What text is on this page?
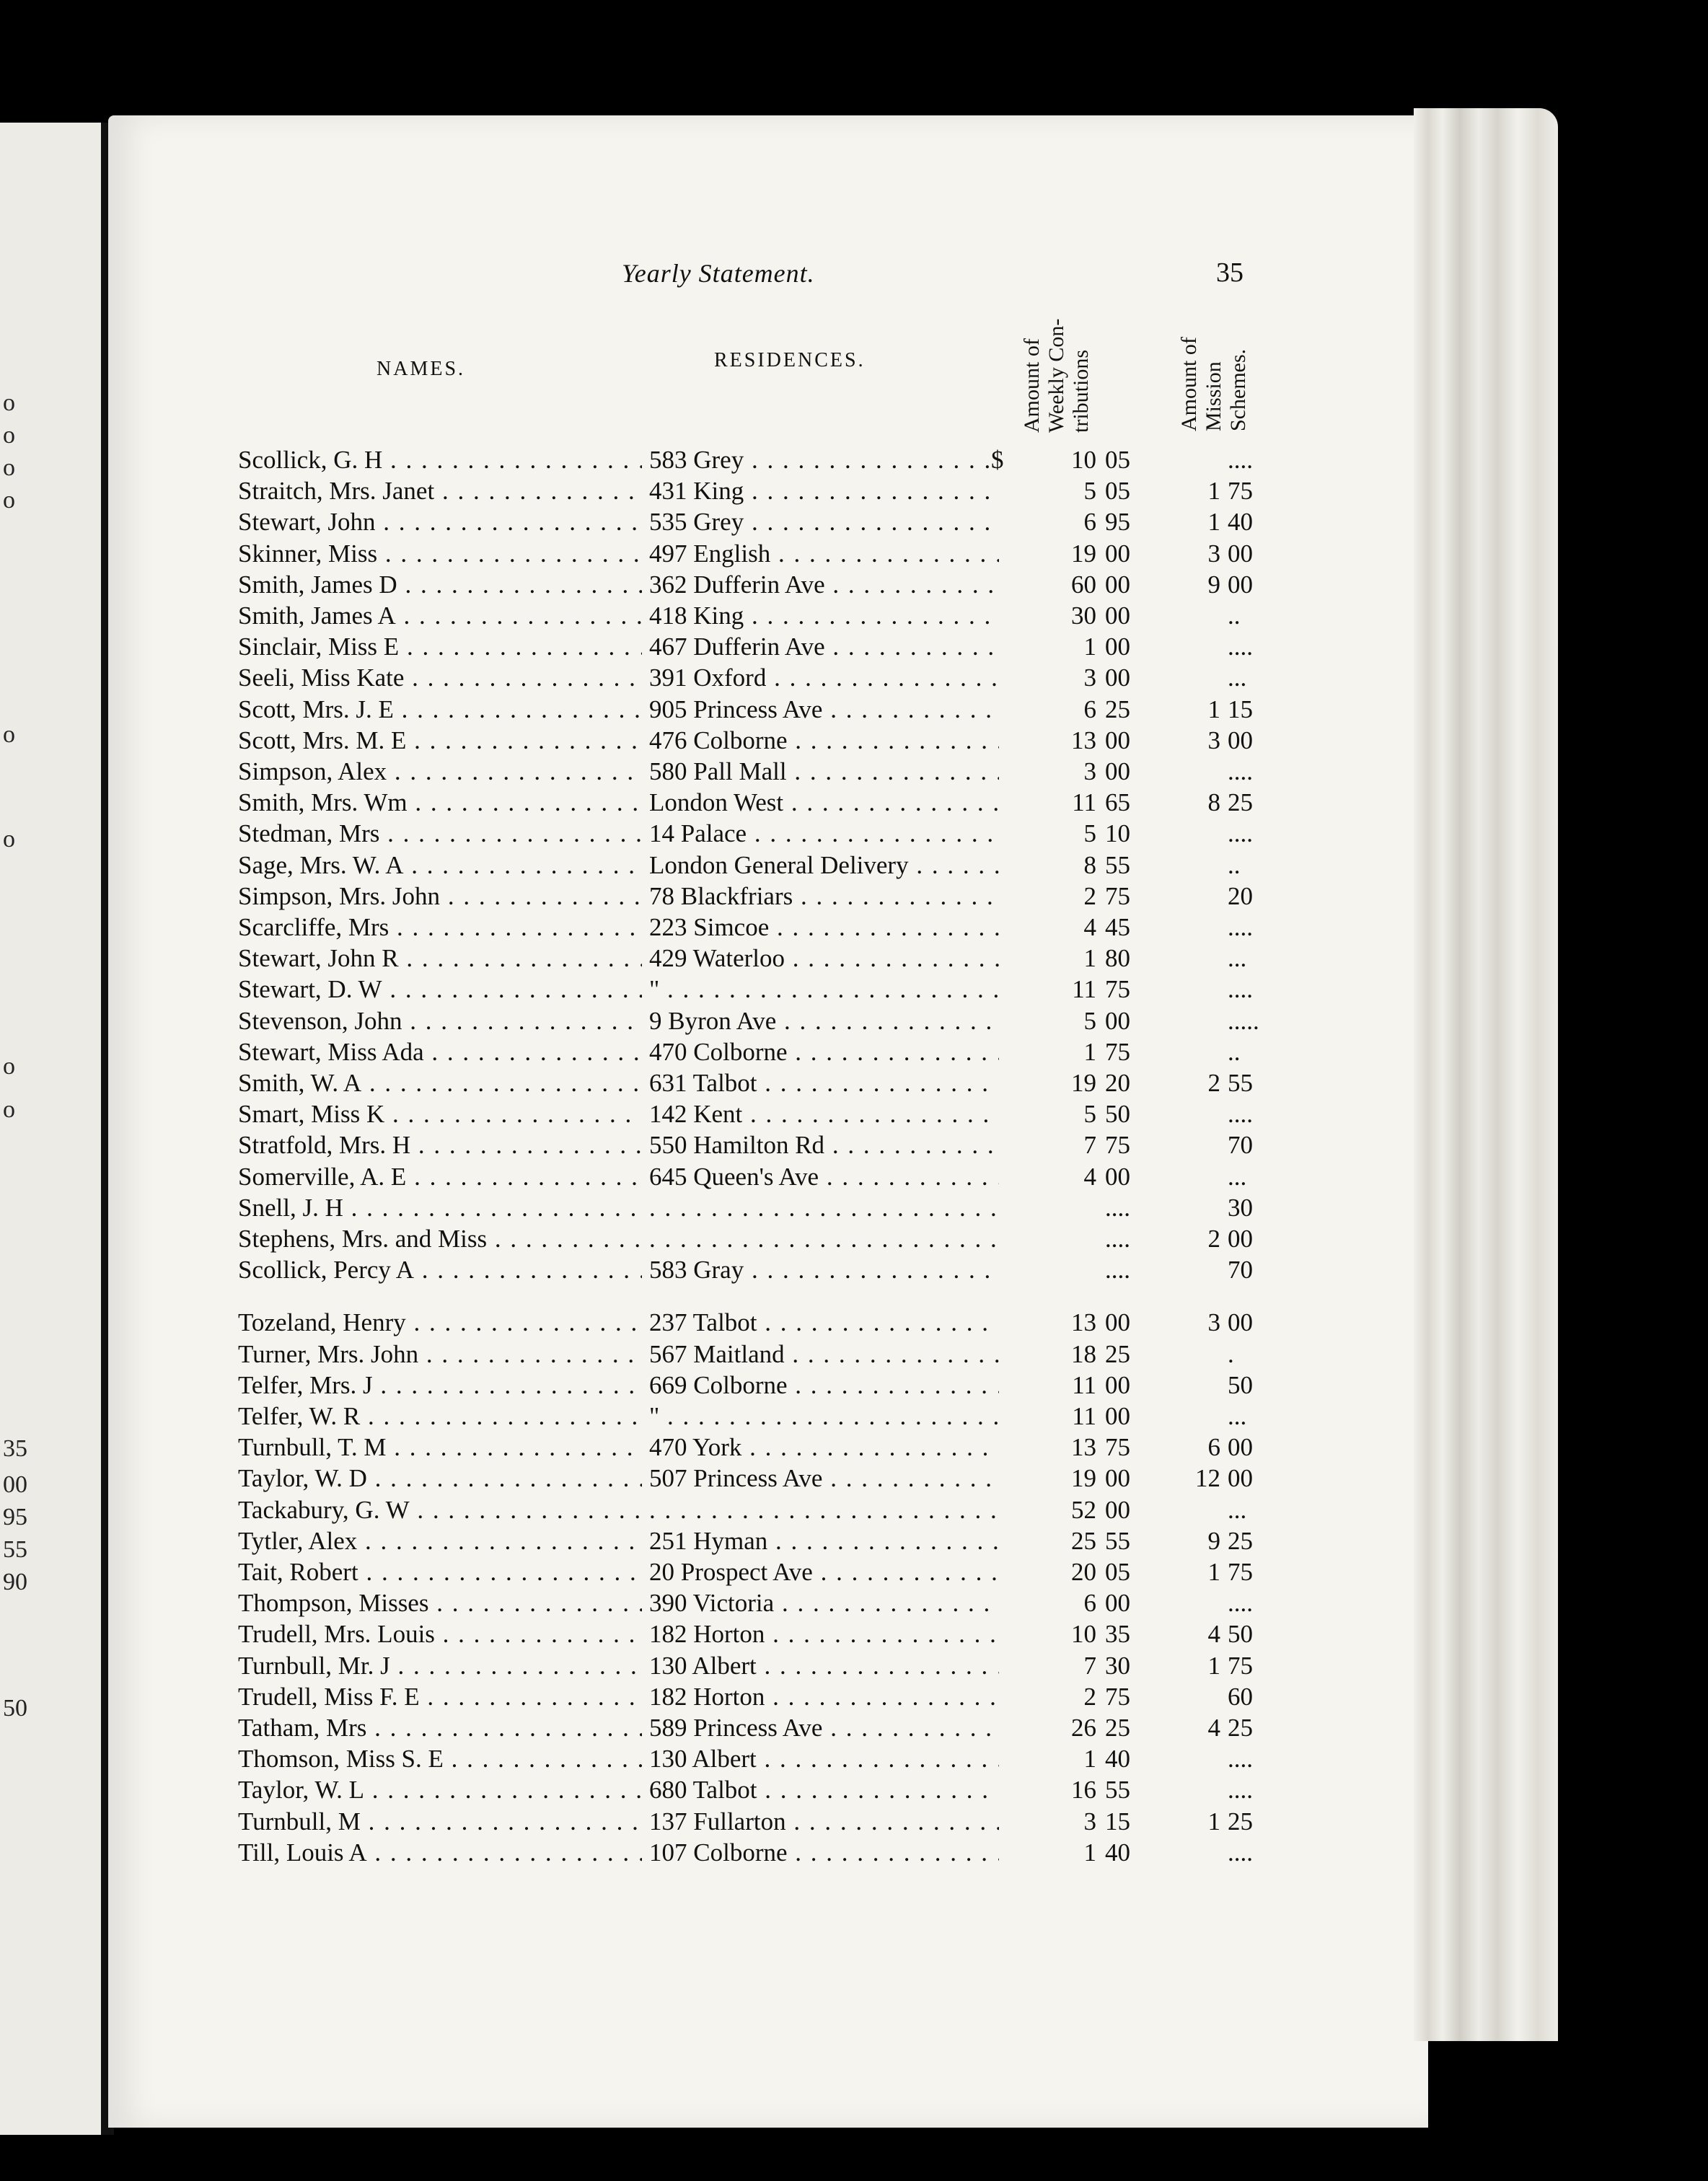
o
o
o
o
o
o
o
o
35
00
95
55
90
50
Yearly Statement.	35
NAMES.	RESIDENCES.
Amount of
Weekly Con-
tributions	Amount of
Mission
Schemes.
Scollick, G. H . . .	583 Grey . . .	10 05	....
$
Straitch, Mrs. Janet . . .	431 King . . .	5 05	1 75
Stewart, John . . .	535 Grey . . .	6 95	1 40
Skinner, Miss . . .	497 English . . .	19 00	3 00
Smith, James D . . .	362 Dufferin Ave . . .	60 00	9 00
Smith, James A . . .	418 King . . .	30 00	..
Sinclair, Miss E . . .	467 Dufferin Ave . . .	1 00	....
Seeli, Miss Kate . . .	391 Oxford . . .	3 00	...
Scott, Mrs. J. E . . .	905 Princess Ave . . .	6 25	1 15
Scott, Mrs. M. E . . .	476 Colborne . . .	13 00	3 00
Simpson, Alex . . .	580 Pall Mall . . .	3 00	....
Smith, Mrs. Wm . . .	London West . . .	11 65	8 25
Stedman, Mrs . . .	14 Palace . . .	5 10	....
Sage, Mrs. W. A . . .	London General Delivery . . .	8 55	..
Simpson, Mrs. John . . .	78 Blackfriars . . .	2 75	20
Scarcliffe, Mrs . . .	223 Simcoe . . .	4 45	....
Stewart, John R . . .	429 Waterloo . . .	1 80	...
Stewart, D. W . . .	" . . .	11 75	....
Stevenson, John . . .	9 Byron Ave . . .	5 00	.....
Stewart, Miss Ada . . .	470 Colborne . . .	1 75	..
Smith, W. A . . .	631 Talbot . . .	19 20	2 55
Smart, Miss K . . .	142 Kent . . .	5 50	....
Stratfold, Mrs. H . . .	550 Hamilton Rd . . .	7 75	70
Somerville, A. E . . .	645 Queen's Ave . . .	4 00	...
Snell, J. H . . . . . .	....	30
Stephens, Mrs. and Miss . . . . . .	....	2 00
Scollick, Percy A . . .	583 Gray . . .	....	70
Tozeland, Henry . . .	237 Talbot . . .	13 00	3 00
Turner, Mrs. John . . .	567 Maitland . . .	18 25	.
Telfer, Mrs. J . . .	669 Colborne . . .	11 00	50
Telfer, W. R . . .	" . . .	11 00	...
Turnbull, T. M . . .	470 York . . .	13 75	6 00
Taylor, W. D . . .	507 Princess Ave . . .	19 00	12 00
Tackabury, G. W . . . . . .	52 00	...
Tytler, Alex . . .	251 Hyman . . .	25 55	9 25
Tait, Robert . . .	20 Prospect Ave . . .	20 05	1 75
Thompson, Misses . . .	390 Victoria . . .	6 00	....
Trudell, Mrs. Louis . . .	182 Horton . . .	10 35	4 50
Turnbull, Mr. J . . .	130 Albert . . .	7 30	1 75
Trudell, Miss F. E . . .	182 Horton . . .	2 75	60
Tatham, Mrs . . .	589 Princess Ave . . .	26 25	4 25
Thomson, Miss S. E . . .	130 Albert . . .	1 40	....
Taylor, W. L . . .	680 Talbot . . .	16 55	....
Turnbull, M . . .	137 Fullarton . . .	3 15	1 25
Till, Louis A . . .	107 Colborne . . .	1 40	....
